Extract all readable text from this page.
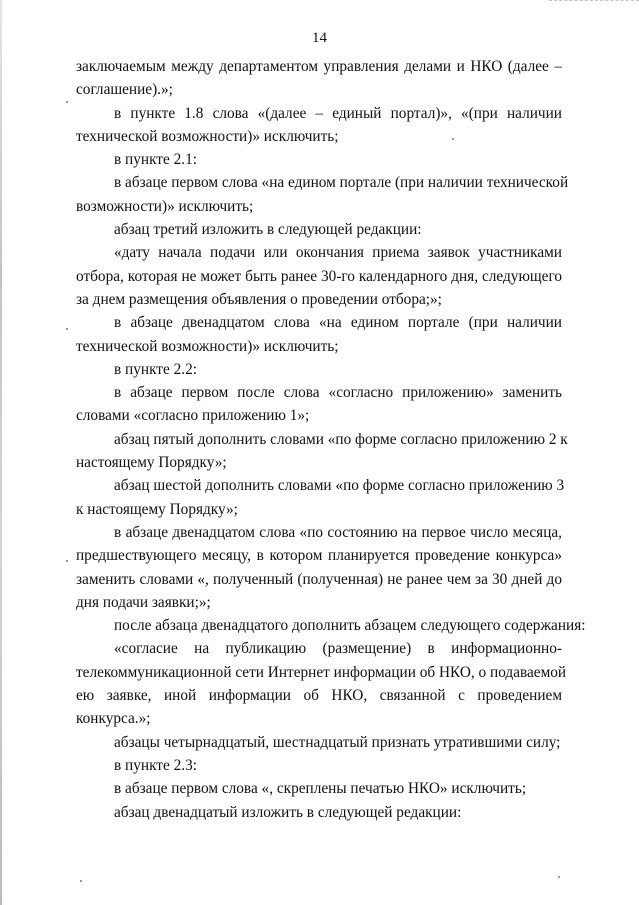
14
заключаемым между департаментом управления делами и НКО (далее –
соглашение).»;
в пункте 1.8 слова «(далее – единый портал)», «(при наличии
технической возможности)» исключить;
в пункте 2.1:
в абзаце первом слова «на едином портале (при наличии технической
возможности)» исключить;
абзац третий изложить в следующей редакции:
«дату начала подачи или окончания приема заявок участниками
отбора, которая не может быть ранее 30-го календарного дня, следующего
за днем размещения объявления о проведении отбора;»;
в абзаце двенадцатом слова «на едином портале (при наличии
технической возможности)» исключить;
в пункте 2.2:
в абзаце первом после слова «согласно приложению» заменить
словами «согласно приложению 1»;
абзац пятый дополнить словами «по форме согласно приложению 2 к
настоящему Порядку»;
абзац шестой дополнить словами «по форме согласно приложению 3
к настоящему Порядку»;
в абзаце двенадцатом слова «по состоянию на первое число месяца,
предшествующего месяцу, в котором планируется проведение конкурса»
заменить словами «, полученный (полученная) не ранее чем за 30 дней до
дня подачи заявки;»;
после абзаца двенадцатого дополнить абзацем следующего содержания:
«согласие на публикацию (размещение) в информационно-
телекоммуникационной сети Интернет информации об НКО, о подаваемой
ею заявке, иной информации об НКО, связанной с проведением
конкурса.»;
абзацы четырнадцатый, шестнадцатый признать утратившими силу;
в пункте 2.3:
в абзаце первом слова «, скреплены печатью НКО» исключить;
абзац двенадцатый изложить в следующей редакции:
